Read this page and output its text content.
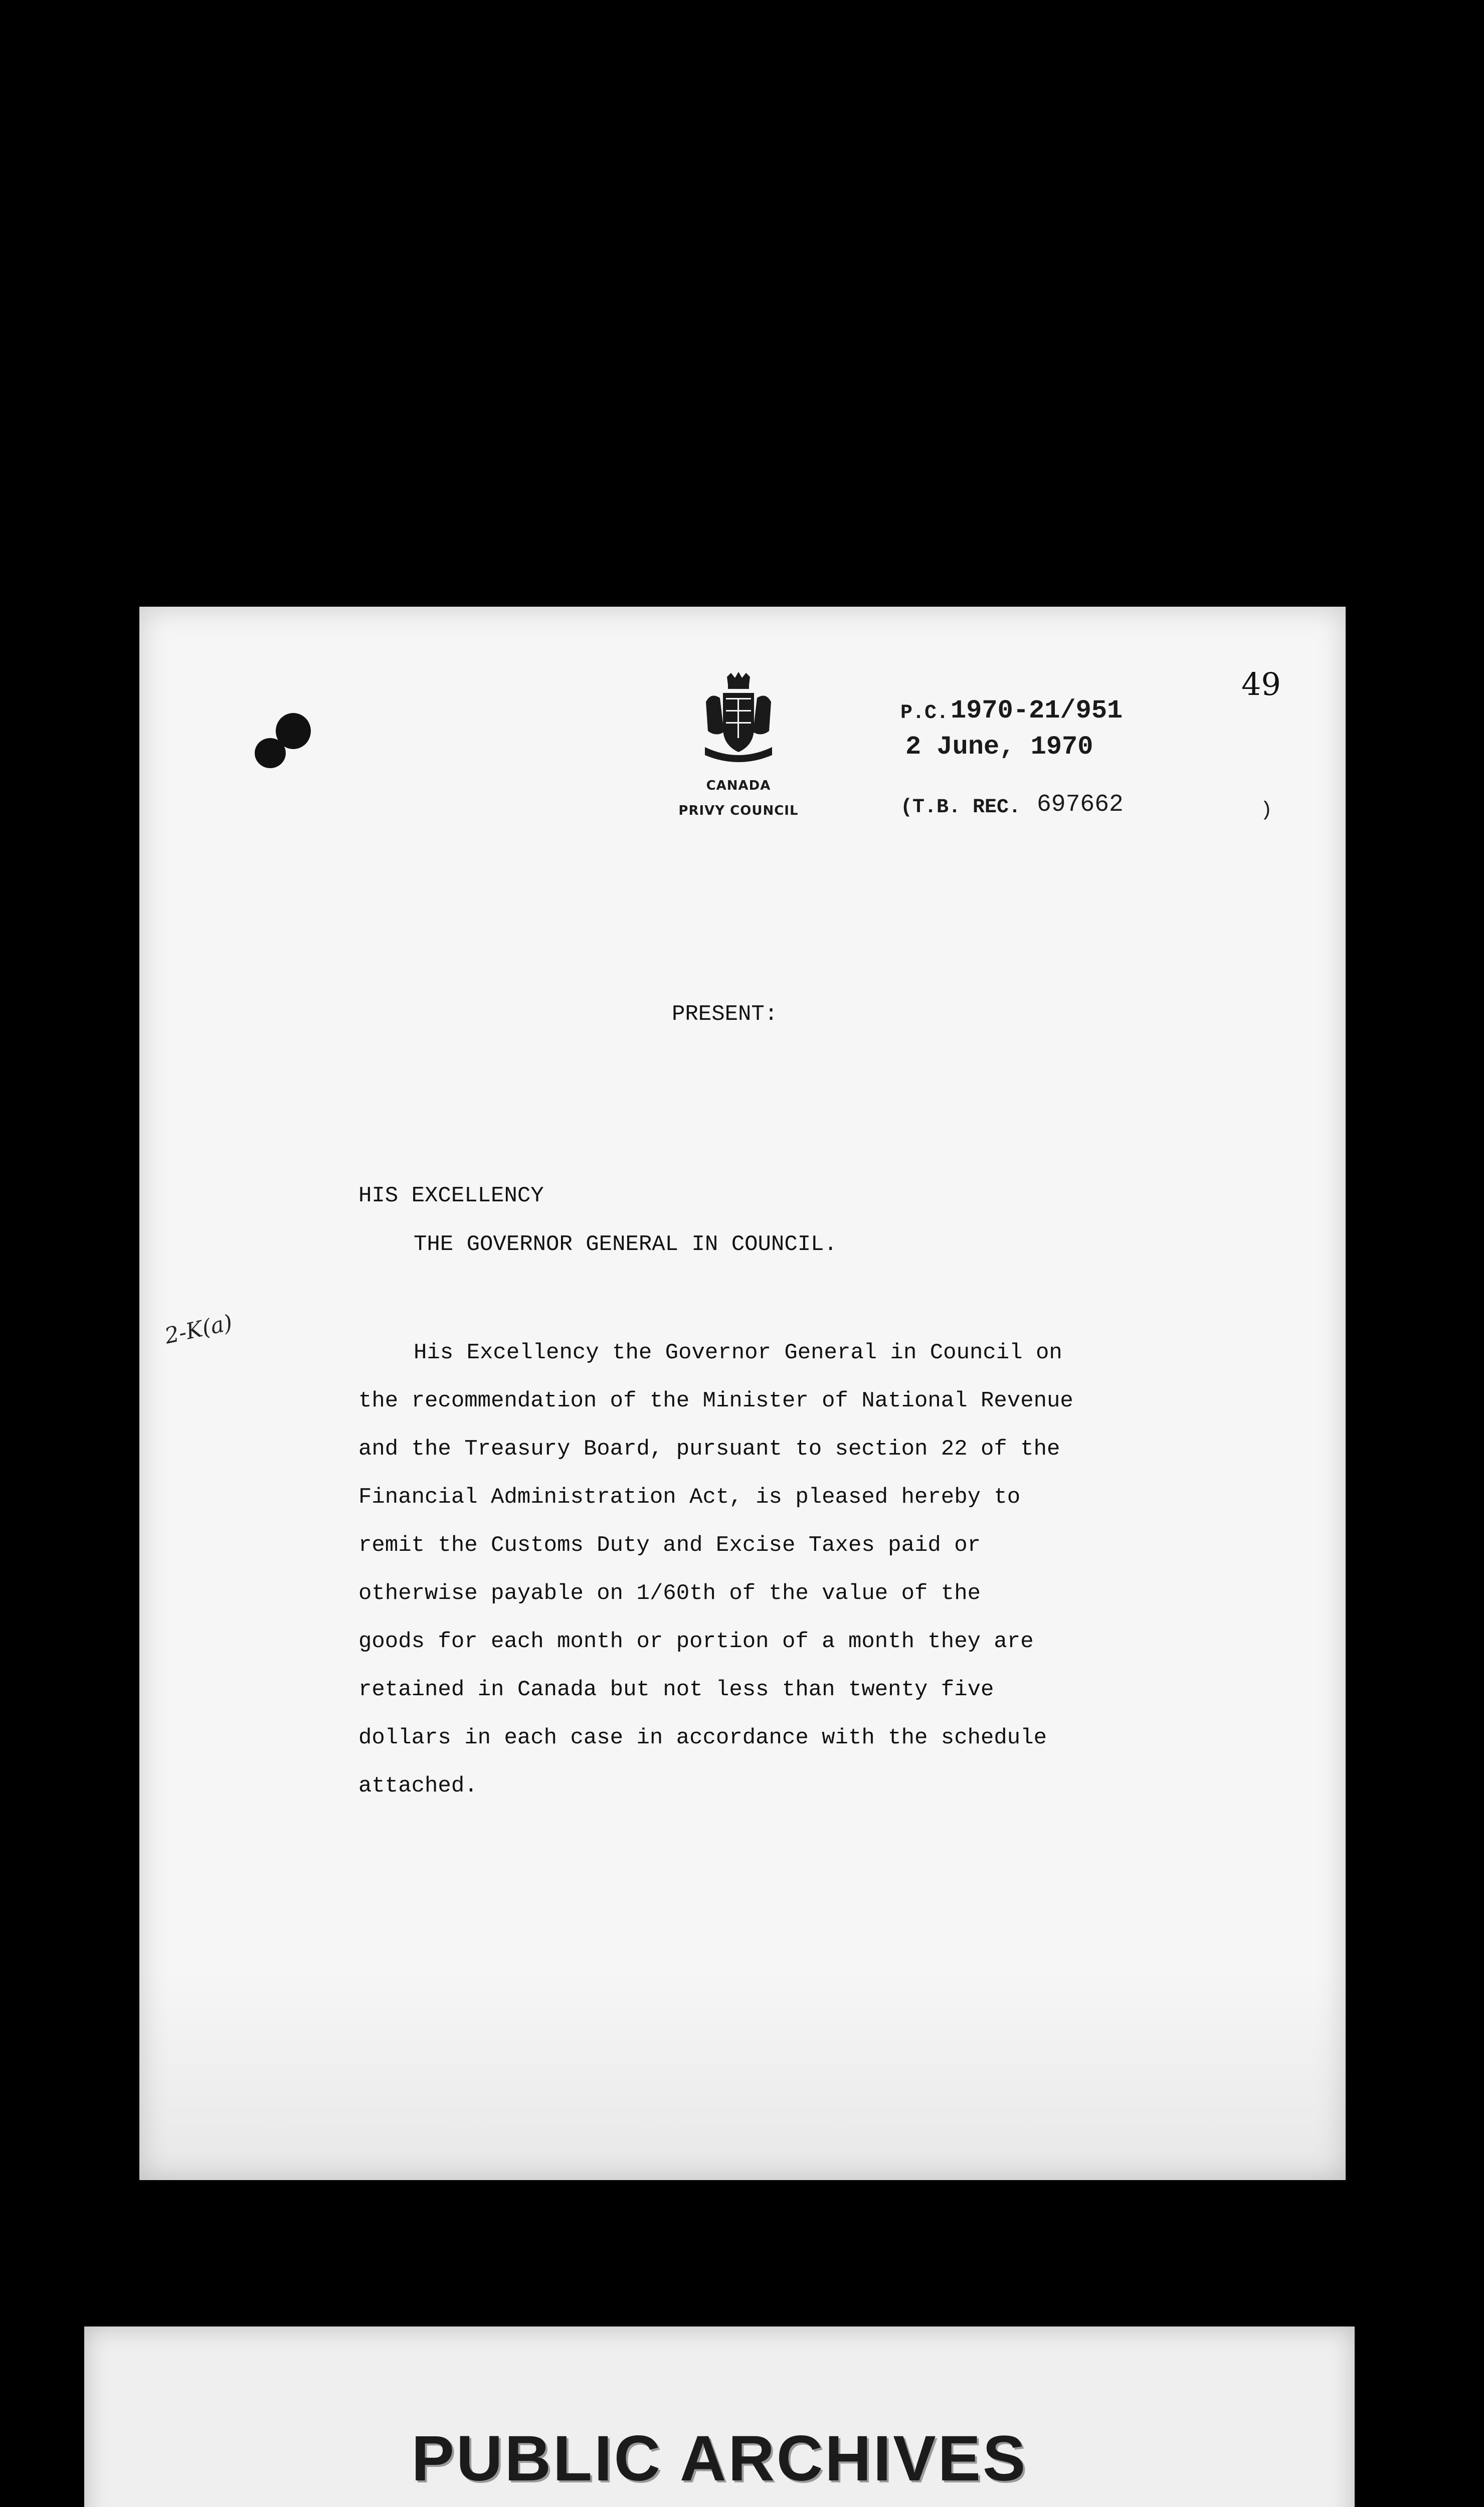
49
CANADA
PRIVY COUNCIL
P.C. 1970-21/951
2 June, 1970
(T.B. REC. 697662	)
PRESENT:
HIS EXCELLENCY
THE GOVERNOR GENERAL IN COUNCIL.
2-K(a)
His Excellency the Governor General in Council on
the recommendation of the Minister of National Revenue
and the Treasury Board, pursuant to section 22 of the
Financial Administration Act, is pleased hereby to
remit the Customs Duty and Excise Taxes paid or
otherwise payable on 1/60th of the value of the
goods for each month or portion of a month they are
retained in Canada but not less than twenty five
dollars in each case in accordance with the schedule
attached.
PUBLIC ARCHIVES
